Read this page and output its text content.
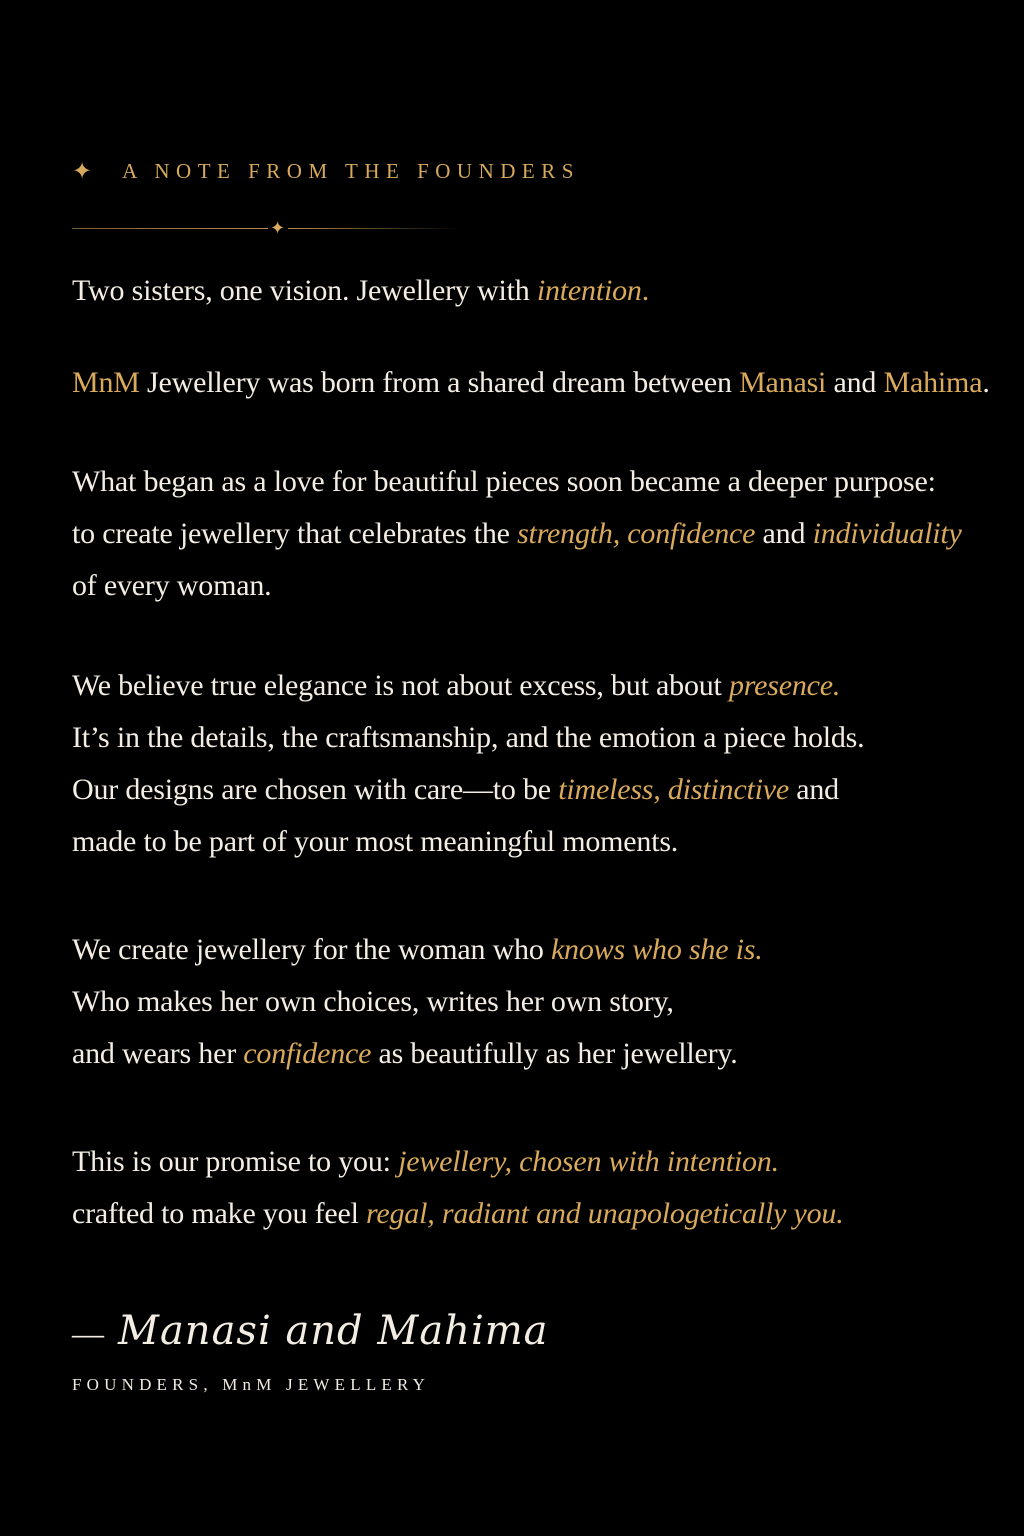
✦ A NOTE FROM THE FOUNDERS
✦

Two sisters, one vision. Jewellery with intention.

MnM Jewellery was born from a shared dream between Manasi and Mahima.

What began as a love for beautiful pieces soon became a deeper purpose:

to create jewellery that celebrates the strength, confidence and individuality

of every woman.

We believe true elegance is not about excess, but about presence.

It’s in the details, the craftsmanship, and the emotion a piece holds.

Our designs are chosen with care—to be timeless, distinctive and

made to be part of your most meaningful moments.

We create jewellery for the woman who knows who she is.

Who makes her own choices, writes her own story,

and wears her confidence as beautifully as her jewellery.

This is our promise to you: jewellery, chosen with intention.

crafted to make you feel regal, radiant and unapologetically you.

— Manasi and Mahima
FOUNDERS, MnM JEWELLERY
